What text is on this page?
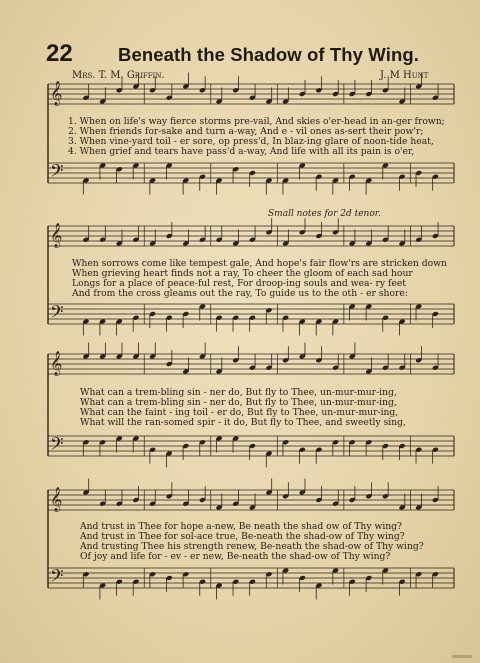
22 Beneath the Shadow of Thy Wing.
Mrs. T. M. Griffin.	J. M Hunt
Small notes for 2d tenor.
𝄞
𝄢
𝄞
𝄢
𝄞
𝄢
𝄞
𝄢
1. When on life's way fierce storms pre-vail, And skies o'er-head in an-ger frown;
2. When friends for-sake and turn a-way, And e - vil ones as-sert their pow'r;
3. When vine-yard toil - er sore, op press'd, In blaz-ing glare of noon-tide heat,
4. When grief and tears have pass'd a-way, And life with all its pain is o'er,
When sorrows come like tempest gale, And hope's fair flow'rs are stricken down
When grieving heart finds not a ray, To cheer the gloom of each sad hour
Longs for a place of peace-ful rest, For droop-ing souls and wea- ry feet
And from the cross gleams out the ray, To guide us to the oth - er shore:
What can a trem-bling sin - ner do, But fly to Thee, un-mur-mur-ing,
What can a trem-bling sin - ner do, But fly to Thee, un-mur-mur-ing,
What can the faint - ing toil - er do, But fly to Thee, un-mur-mur-ing,
What will the ran-somed spir - it do, But fly to Thee, and sweetly sing,
And trust in Thee for hope a-new, Be neath the shad ow of Thy wing?
And trust in Thee for sol-ace true, Be-neath the shad-ow of Thy wing?
And trusting Thee his strength renew, Be-neath the shad-ow of Thy wing?
Of joy and life for - ev - er new, Be-neath the shad-ow of Thy wing?
